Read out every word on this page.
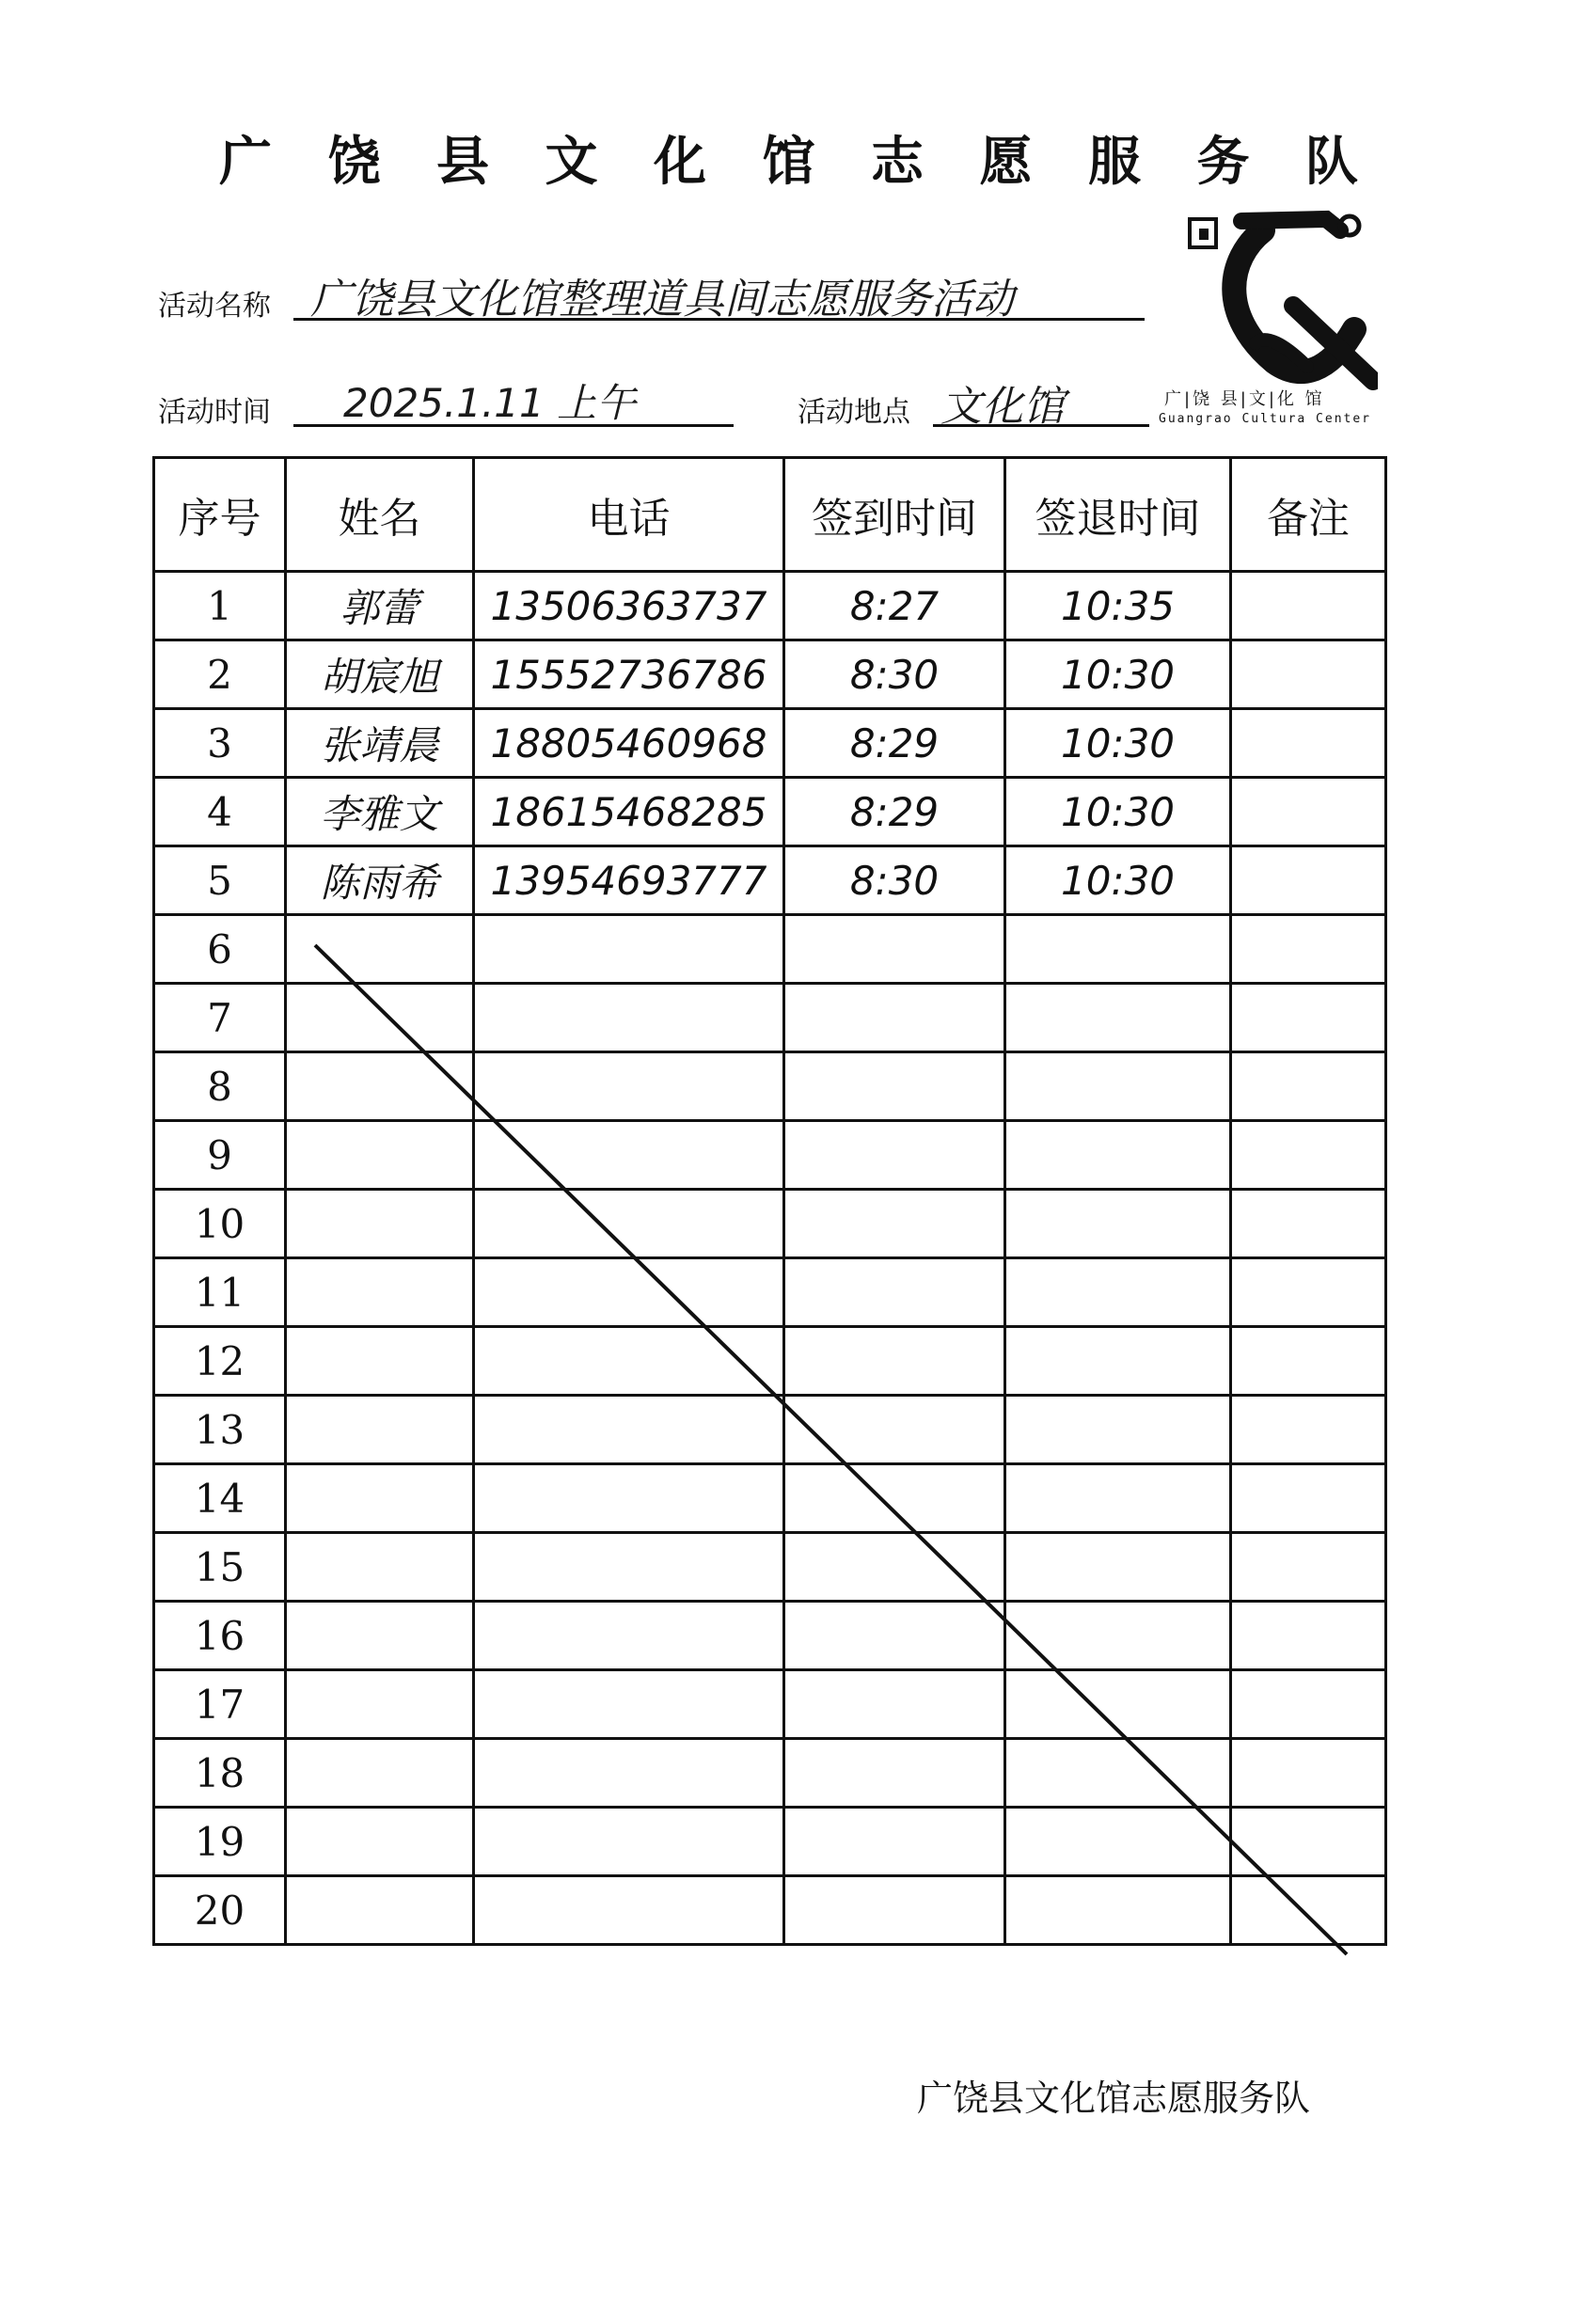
广 饶 县 文 化 馆 志 愿 服 务 队
活动名称 广饶县文化馆整理道具间志愿服务活动
活动时间 2025.1.11 上午	活动地点 文化馆	广|饶 县|文|化 馆
Guangrao Cultura Center
序号	姓名	电话	签到时间	签退时间	备注
1	郭蕾	13506363737	8:27	10:35	
2	胡宸旭	15552736786	8:30	10:30	
3	张靖晨	18805460968	8:29	10:30	
4	李雅文	18615468285	8:29	10:30	
5	陈雨希	13954693777	8:30	10:30	
6					
7					
8					
9					
10					
11					
12					
13					
14					
15					
16					
17					
18					
19					
20					
广饶县文化馆志愿服务队
